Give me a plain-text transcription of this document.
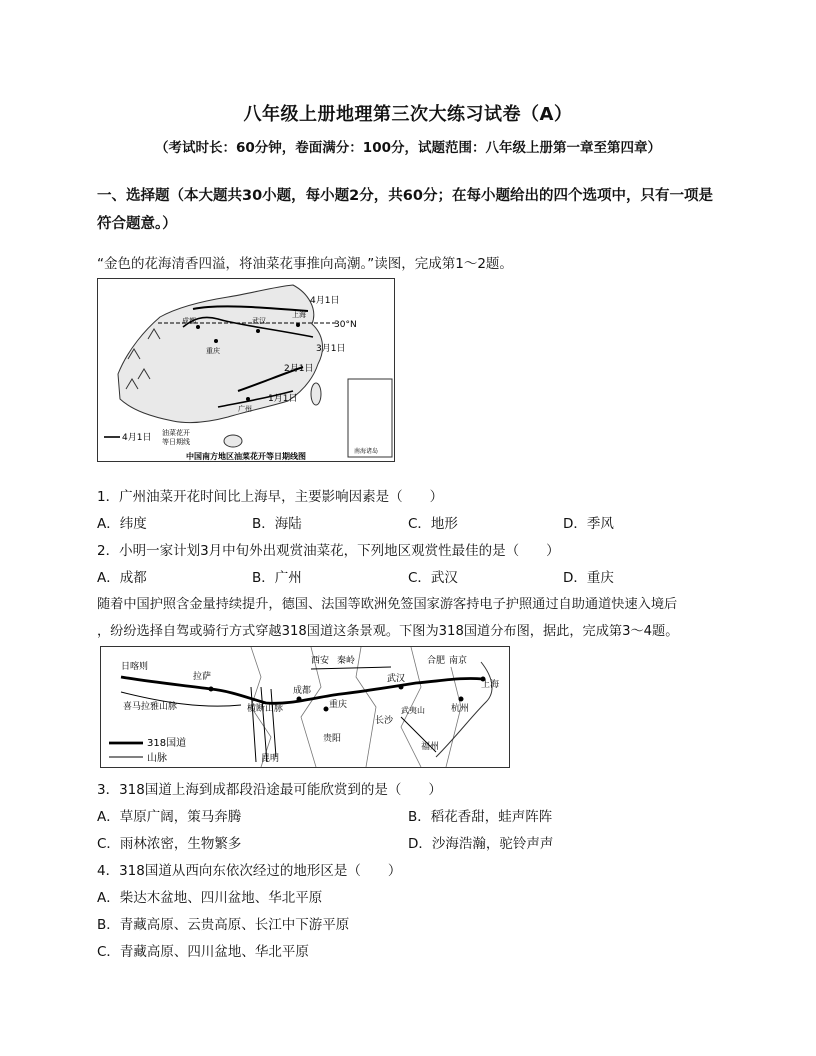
八年级上册地理第三次大练习试卷（A）
（考试时长：60分钟，卷面满分：100分，试题范围：八年级上册第一章至第四章）
一、选择题（本大题共30小题，每小题2分，共60分；在每小题给出的四个选项中，只有一项是符合题意。）
“金色的花海清香四溢，将油菜花事推向高潮。”读图，完成第1～2题。
4月1日
30°N
3月1日
2月1日
1月1日
成都
重庆
武汉
上海
广州
4月1日 油菜花开
等日期线
南海诸岛
中国南方地区油菜花开等日期线图
1．广州油菜开花时间比上海早，主要影响因素是（　　）
A．纬度	B．海陆	C．地形	D．季风
2．小明一家计划3月中旬外出观赏油菜花，下列地区观赏性最佳的是（　　）
A．成都	B．广州	C．武汉	D．重庆
随着中国护照含金量持续提升，德国、法国等欧洲免签国家游客持电子护照通过自助通道快速入境后
，纷纷选择自驾或骑行方式穿越318国道这条景观。下图为318国道分布图，据此，完成第3～4题。
日喀则
拉萨
喜马拉雅山脉	横断山脉
成都
西安 秦岭	合肥 南京
上海
武汉
杭州
重庆
长沙
贵阳
昆明
福州
武夷山
318国道
山脉
3．318国道上海到成都段沿途最可能欣赏到的是（　　）
A．草原广阔，策马奔腾	B．稻花香甜，蛙声阵阵
C．雨林浓密，生物繁多	D．沙海浩瀚，驼铃声声
4．318国道从西向东依次经过的地形区是（　　）
A．柴达木盆地、四川盆地、华北平原
B．青藏高原、云贵高原、长江中下游平原
C．青藏高原、四川盆地、华北平原
